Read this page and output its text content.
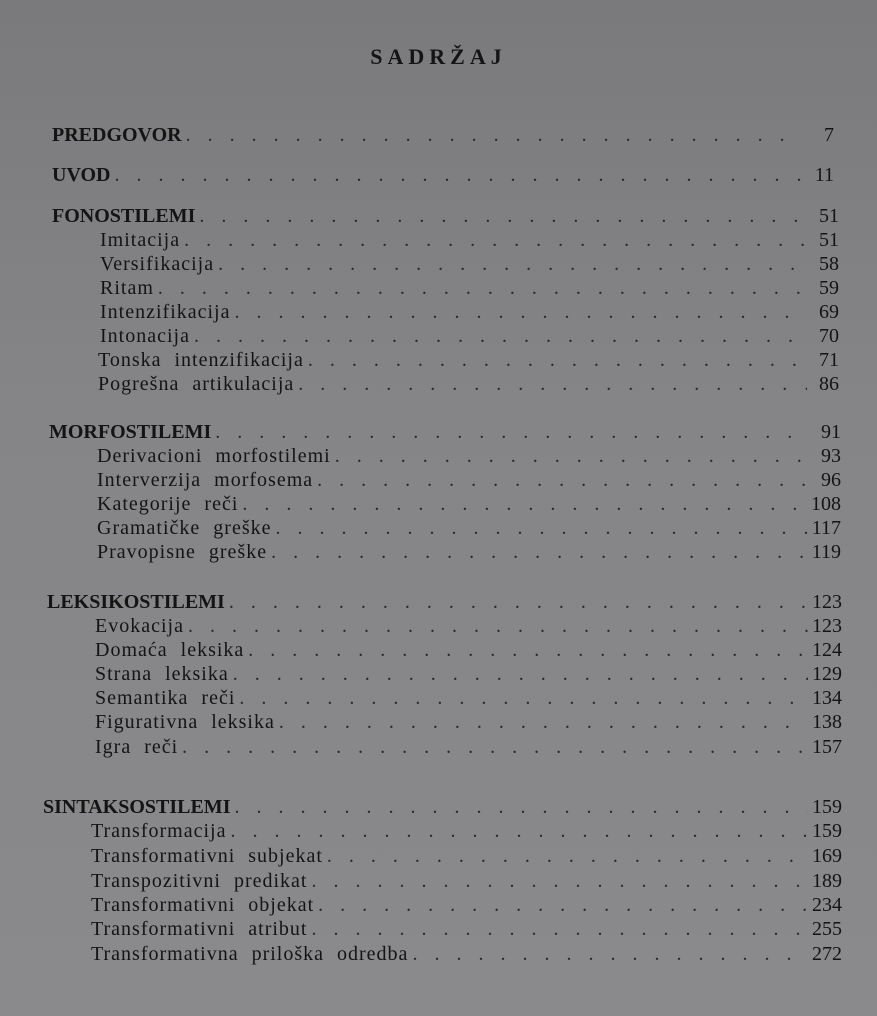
SADRŽAJ
PREDGOVOR . . .	7
UVOD . . .	11
FONOSTILEMI . . .	51
Imitacija . . .	51
Versifikacija . . .	58
Ritam . . .	59
Intenzifikacija . . .	69
Intonacija . . .	70
Tonska intenzifikacija . . .	71
Pogrešna artikulacija . . .	86
MORFOSTILEMI . . .	91
Derivacioni morfostilemi . . .	93
Interverzija morfosema . . .	96
Kategorije reči . . .	108
Gramatičke greške . . .	117
Pravopisne greške . . .	119
LEKSIKOSTILEMI . . .	123
Evokacija . . .	123
Domaća leksika . . .	124
Strana leksika . . .	129
Semantika reči . . .	134
Figurativna leksika . . .	138
Igra reči . . .	157
SINTAKSOSTILEMI . . .	159
Transformacija . . .	159
Transformativni subjekat . . .	169
Transpozitivni predikat . . .	189
Transformativni objekat . . .	234
Transformativni atribut . . .	255
Transformativna priloška odredba . . .	272
